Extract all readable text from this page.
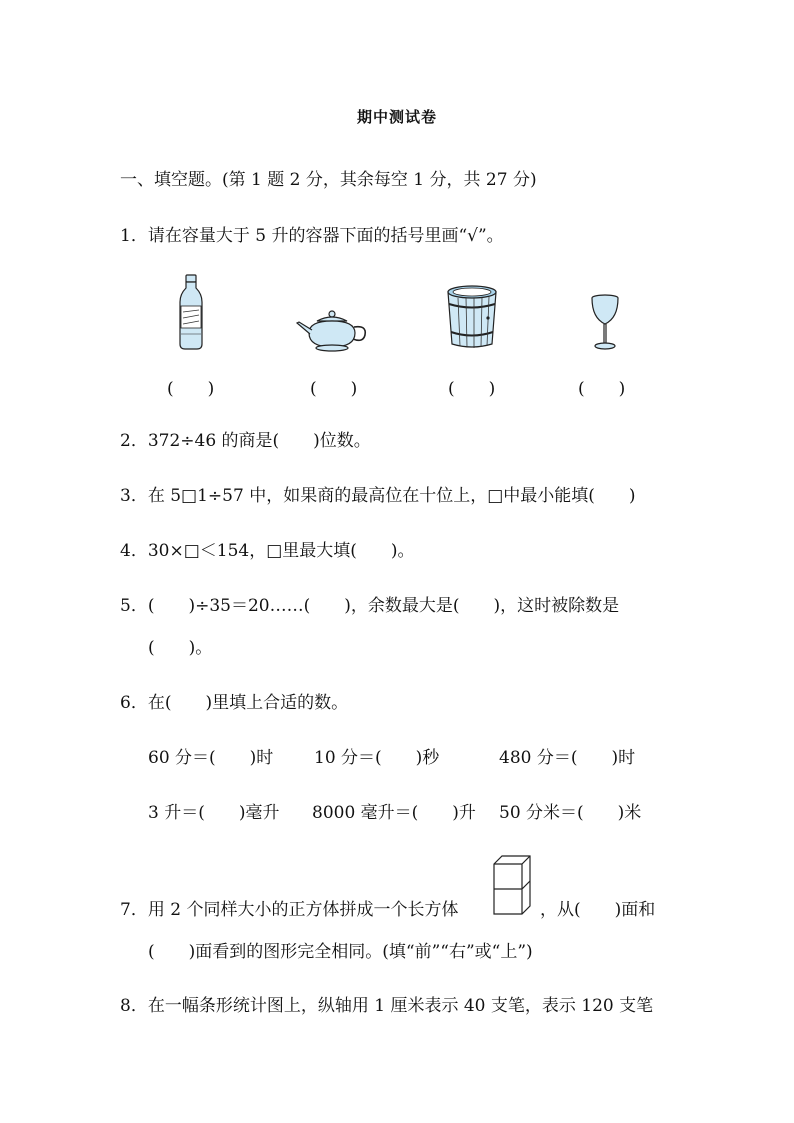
期中测试卷
一、填空题。(第 1 题 2 分，其余每空 1 分，共 27 分)
1．请在容量大于 5 升的容器下面的括号里画“√”。
(　　)	(　　)	(　　)	(　　)
2．372÷46 的商是(　　)位数。
3．在 5□1÷57 中，如果商的最高位在十位上，□中最小能填(　　)
4．30×□＜154，□里最大填(　　)。
5．(　　)÷35＝20……(　　)，余数最大是(　　)，这时被除数是
(　　)。
6．在(　　)里填上合适的数。
60 分＝(　　)时 10 分＝(　　)秒	480 分＝(　　)时
3 升＝(　　)毫升 8000 毫升＝(　　)升 50 分米＝(　　)米
7．用 2 个同样大小的正方体拼成一个长方体	，从(　　)面和
(　　)面看到的图形完全相同。(填“前”“右”或“上”)
8．在一幅条形统计图上，纵轴用 1 厘米表示 40 支笔，表示 120 支笔
